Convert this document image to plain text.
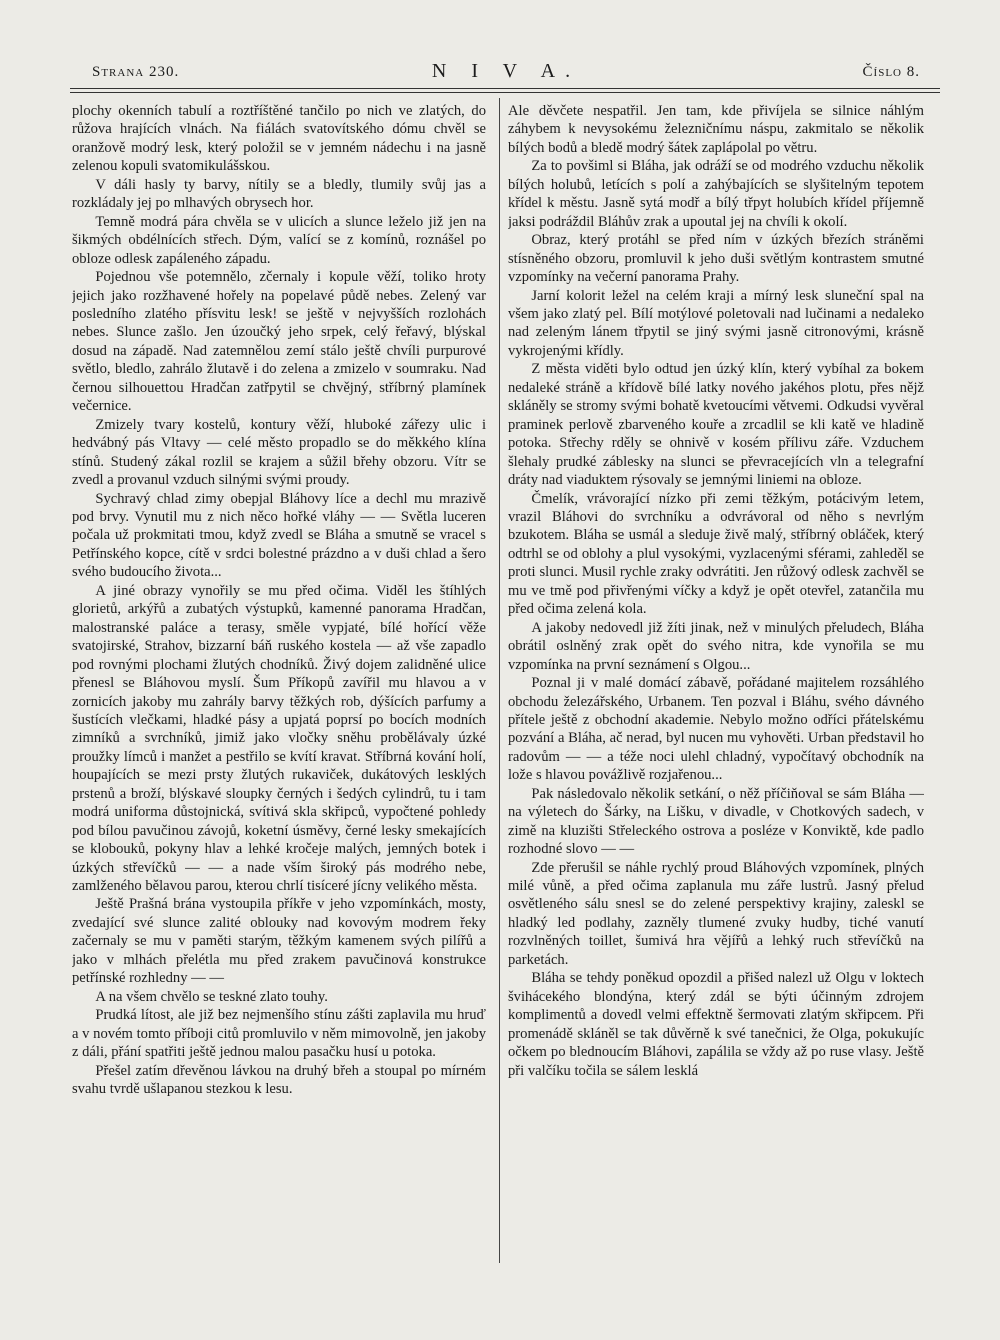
Strana 230.	N I V A.	Číslo 8.

plochy okenních tabulí a roztříštěné tančilo po nich ve zlatých, do růžova hrajících vlnách. Na fiálách svatovítského dómu chvěl se oranžově modrý lesk, který položil se v jemném nádechu i na jasně zelenou kopuli svatomikulášskou.

V dáli hasly ty barvy, nítily se a bledly, tlumily svůj jas a rozkládaly jej po mlhavých obrysech hor.

Temně modrá pára chvěla se v ulicích a slunce leželo již jen na šikmých obdélnících střech. Dým, valící se z komínů, roznášel po obloze odlesk zapáleného západu.

Pojednou vše potemnělo, zčernaly i kopule věží, toliko hroty jejich jako rozžhavené hořely na popelavé půdě nebes. Zelený var posledního zlatého přísvitu lesk! se ještě v nejvyšších rozlohách nebes. Slunce zašlo. Jen úzoučký jeho srpek, celý řeřavý, blýskal dosud na západě. Nad zatemnělou zemí stálo ještě chvíli purpurové světlo, bledlo, zahrálo žlutavě i do zelena a zmizelo v soumraku. Nad černou silhouettou Hradčan zatřpytil se chvějný, stříbrný plamínek večernice.

Zmizely tvary kostelů, kontury věží, hluboké zářezy ulic i hedvábný pás Vltavy — celé město propadlo se do měkkého klína stínů. Studený zákal rozlil se krajem a sůžil břehy obzoru. Vítr se zvedl a provanul vzduch silnými svými proudy.

Sychravý chlad zimy obepjal Bláhovy líce a dechl mu mrazivě pod brvy. Vynutil mu z nich něco hořké vláhy — — Světla luceren počala už prokmitati tmou, když zvedl se Bláha a smutně se vracel s Petřínského kopce, cítě v srdci bolestné prázdno a v duši chlad a šero svého budoucího života...

A jiné obrazy vynořily se mu před očima. Viděl les štíhlých glorietů, arkýřů a zubatých výstupků, kamenné panorama Hradčan, malostranské paláce a terasy, směle vypjaté, bílé hořící věže svatojirské, Strahov, bizzarní báň ruského kostela — až vše zapadlo pod rovnými plochami žlutých chodníků. Živý dojem zalidněné ulice přenesl se Bláhovou myslí. Šum Příkopů zavířil mu hlavou a v zornicích jakoby mu zahrály barvy těžkých rob, dýšících parfumy a šustících vlečkami, hladké pásy a upjatá poprsí po bocích modních zimníků a svrchníků, jimiž jako vločky sněhu probělávaly úzké proužky límců i manžet a pestřilo se kvítí kravat. Stříbrná kování holí, houpajících se mezi prsty žlutých rukaviček, dukátových lesklých prstenů a broží, blýskavé sloupky černých i šedých cylindrů, tu i tam modrá uniforma důstojnická, svítivá skla skřipců, vypočtené pohledy pod bílou pavučinou závojů, koketní úsměvy, černé lesky smekajících se klobouků, pokyny hlav a lehké kročeje malých, jemných botek i úzkých střevíčků — — a nade vším široký pás modrého nebe, zamlženého bělavou parou, kterou chrlí tisíceré jícny velikého města.

Ještě Prašná brána vystoupila příkře v jeho vzpomínkách, mosty, zvedající své slunce zalité oblouky nad kovovým modrem řeky začernaly se mu v paměti starým, těžkým kamenem svých pilířů a jako v mlhách přelétla mu před zrakem pavučinová konstrukce petřínské rozhledny — —

A na všem chvělo se teskné zlato touhy.

Prudká lítost, ale již bez nejmenšího stínu zášti zaplavila mu hruď a v novém tomto příboji citů promluvilo v něm mimovolně, jen jakoby z dáli, přání spatřiti ještě jednou malou pasačku husí u potoka.

Přešel zatím dřevěnou lávkou na druhý břeh a stoupal po mírném svahu tvrdě ušlapanou stezkou k lesu.

Ale děvčete nespatřil. Jen tam, kde přivíjela se silnice náhlým záhybem k nevysokému železničnímu náspu, zakmitalo se několik bílých bodů a bledě modrý šátek zaplápolal po větru.

Za to povšiml si Bláha, jak odráží se od modrého vzduchu několik bílých holubů, letících s polí a zahýbajících se slyšitelným tepotem křídel k městu. Jasně sytá modř a bílý třpyt holubích křídel příjemně jaksi podráždil Bláhův zrak a upoutal jej na chvíli k okolí.

Obraz, který protáhl se před ním v úzkých březích stráněmi stísněného obzoru, promluvil k jeho duši světlým kontrastem smutné vzpomínky na večerní panorama Prahy.

Jarní kolorit ležel na celém kraji a mírný lesk sluneční spal na všem jako zlatý pel. Bílí motýlové poletovali nad lučinami a nedaleko nad zeleným lánem třpytil se jiný svými jasně citronovými, krásně vykrojenými křídly.

Z města viděti bylo odtud jen úzký klín, který vybíhal za bokem nedaleké stráně a křídově bílé latky nového jakéhos plotu, přes nějž skláněly se stromy svými bohatě kvetoucími větvemi. Odkudsi vyvěral praminek perlově zbarveného kouře a zrcadlil se kli katě ve hladině potoka. Střechy rděly se ohnivě v kosém přílivu záře. Vzduchem šlehaly prudké záblesky na slunci se převracejících vln a telegrafní dráty nad viaduktem rýsovaly se jemnými liniemi na obloze.

Čmelík, vrávorající nízko při zemi těžkým, potácivým letem, vrazil Bláhovi do svrchníku a odvrávoral od něho s nevrlým bzukotem. Bláha se usmál a sleduje živě malý, stříbrný obláček, který odtrhl se od oblohy a plul vysokými, vyzlacenými sférami, zahleděl se proti slunci. Musil rychle zraky odvrátiti. Jen růžový odlesk zachvěl se mu ve tmě pod přivřenými víčky a když je opět otevřel, zatančila mu před očima zelená kola.

A jakoby nedovedl již žíti jinak, než v minulých přeludech, Bláha obrátil oslněný zrak opět do svého nitra, kde vynořila se mu vzpomínka na první seznámení s Olgou...

Poznal ji v malé domácí zábavě, pořádané majitelem rozsáhlého obchodu železářského, Urbanem. Ten pozval i Bláhu, svého dávného přítele ještě z obchodní akademie. Nebylo možno odříci přátelskému pozvání a Bláha, ač nerad, byl nucen mu vyhověti. Urban představil ho radovům — — a téže noci ulehl chladný, vypočítavý obchodník na lože s hlavou povážlivě rozjařenou...

Pak následovalo několik setkání, o něž příčiňoval se sám Bláha — na výletech do Šárky, na Lišku, v divadle, v Chotkových sadech, v zimě na kluzišti Střeleckého ostrova a posléze v Konviktě, kde padlo rozhodné slovo — —

Zde přerušil se náhle rychlý proud Bláhových vzpomínek, plných milé vůně, a před očima zaplanula mu záře lustrů. Jasný přelud osvětleného sálu snesl se do zelené perspektivy krajiny, zaleskl se hladký led podlahy, zazněly tlumené zvuky hudby, tiché vanutí rozvlněných toillet, šumivá hra vějířů a lehký ruch střevíčků na parketách.

Bláha se tehdy poněkud opozdil a přišed nalezl už Olgu v loktech švihácekého blondýna, který zdál se býti účinným zdrojem komplimentů a dovedl velmi effektně šermovati zlatým skřipcem. Při promenádě skláněl se tak důvěrně k své tanečnici, že Olga, pokukujíc očkem po blednoucím Bláhovi, zapálila se vždy až po ruse vlasy. Ještě při valčíku točila se sálem lesklá
